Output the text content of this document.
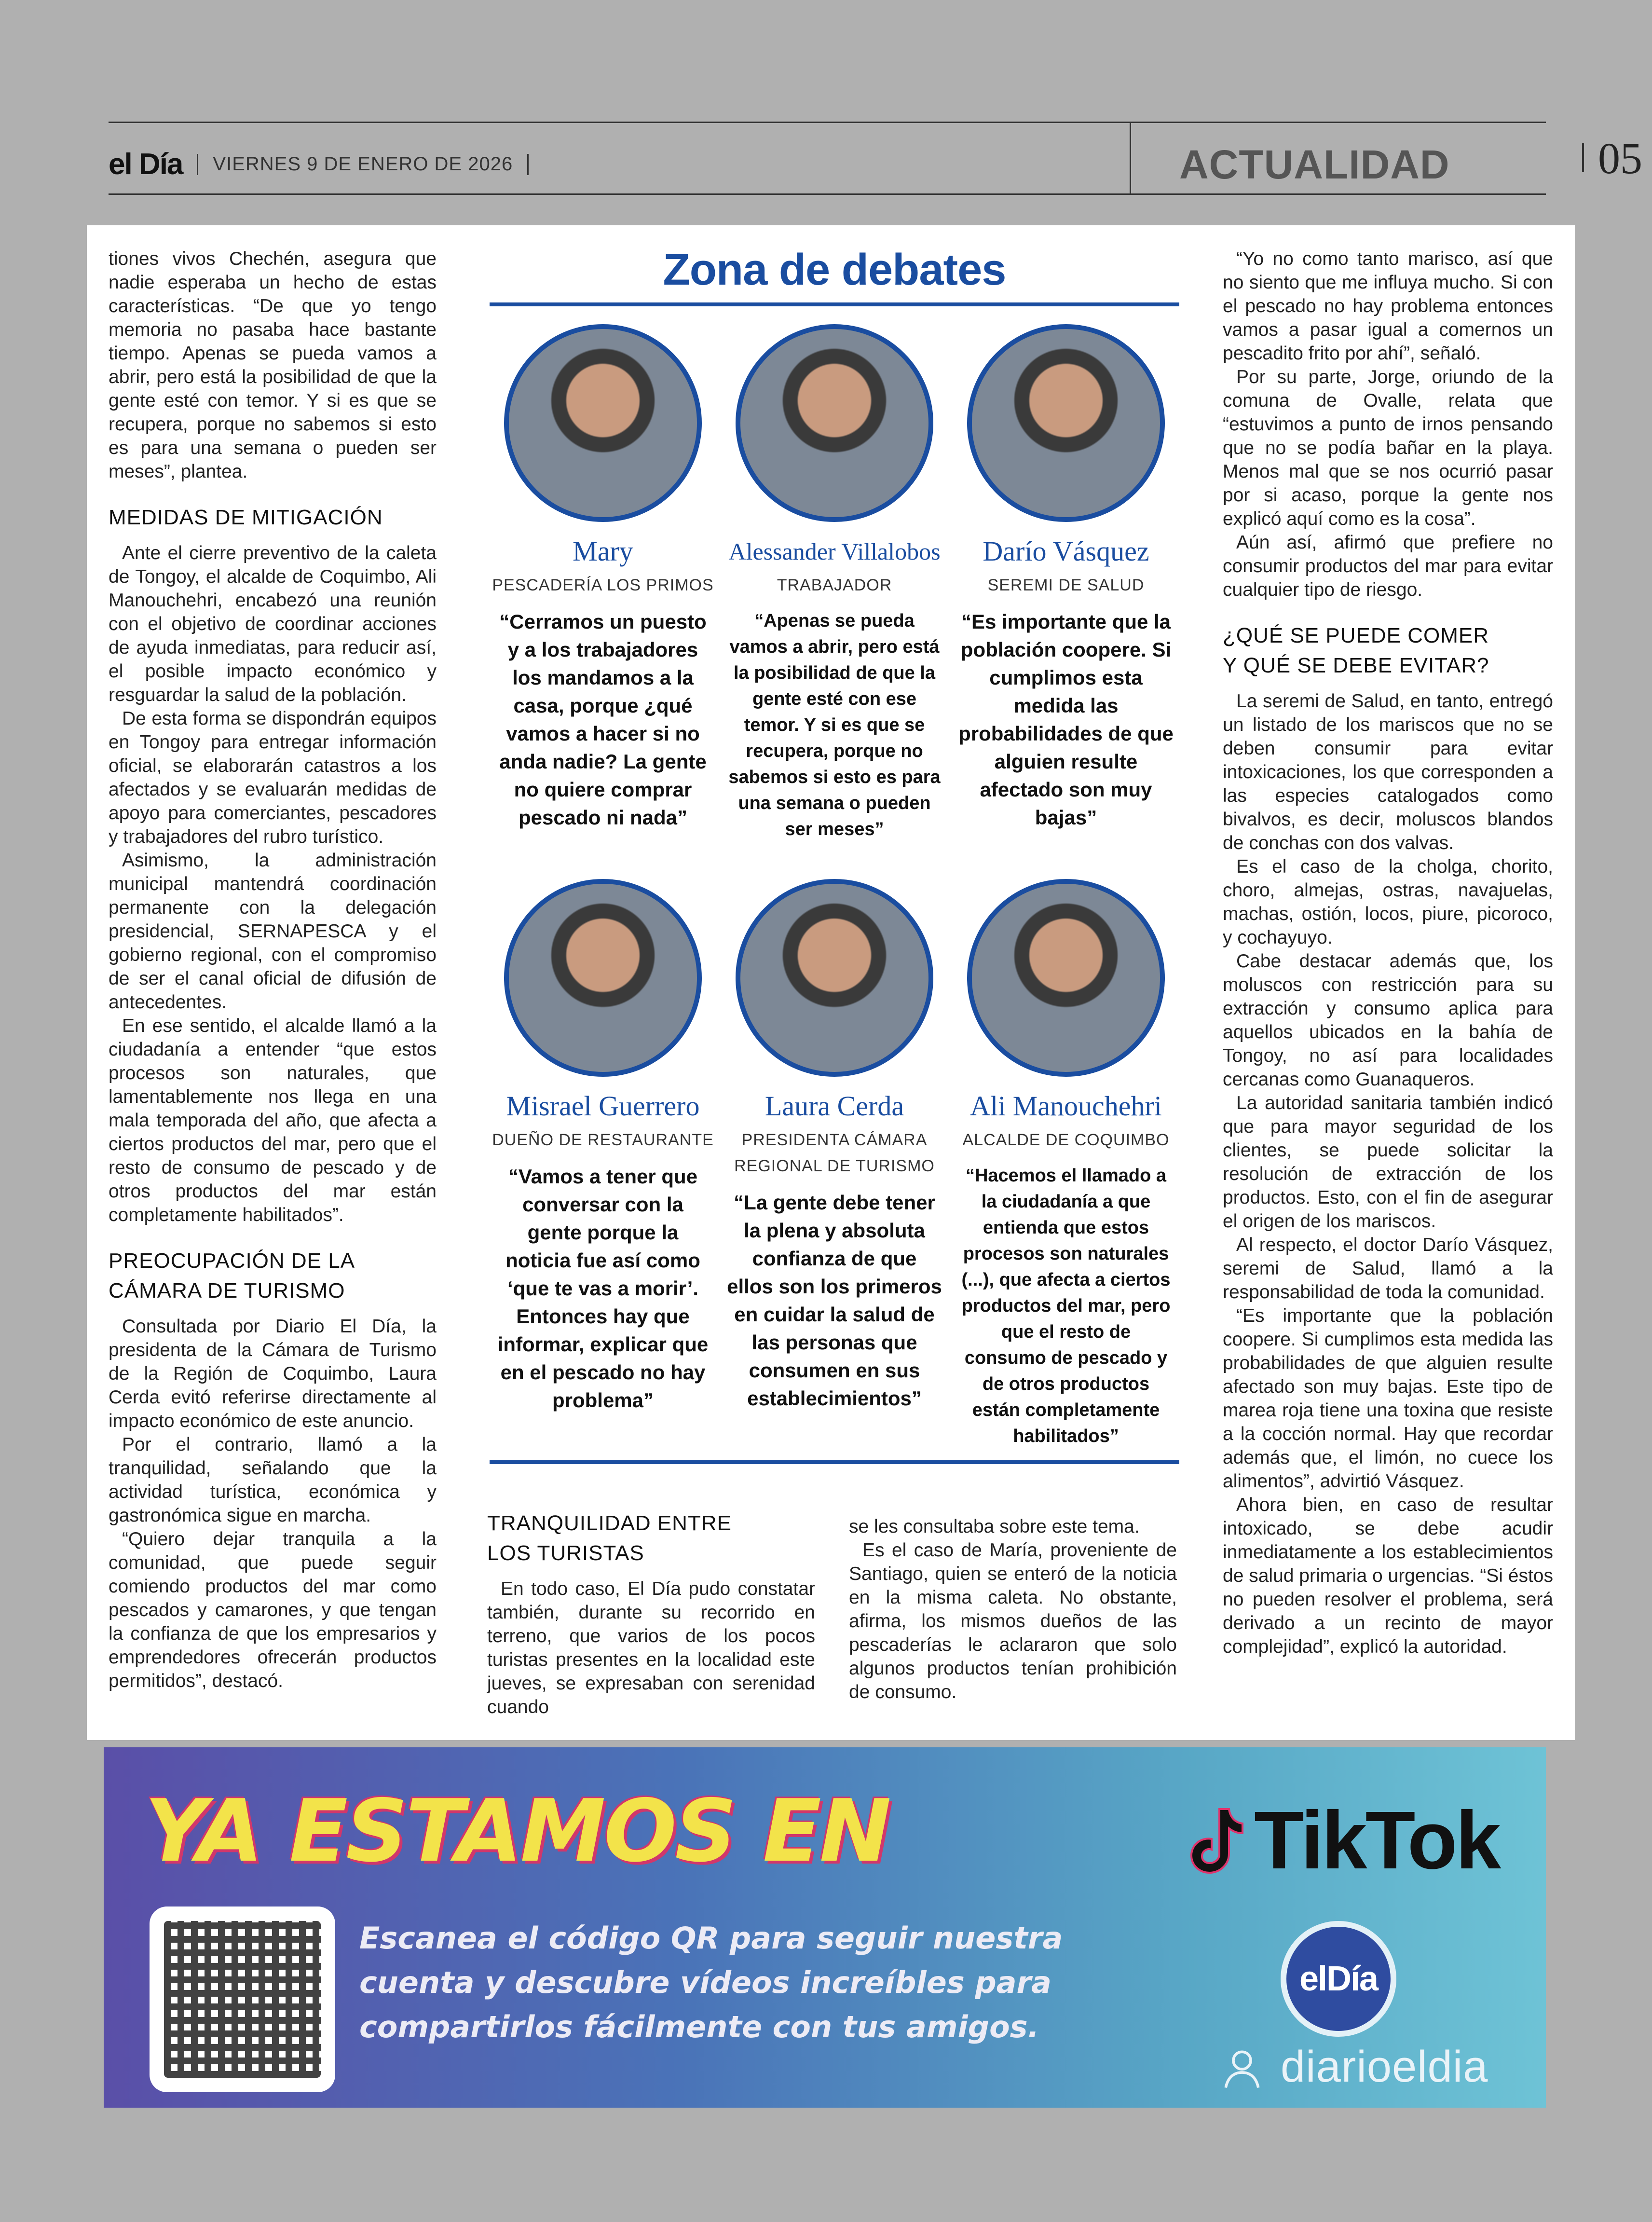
el Día VIERNES 9 DE ENERO DE 2026	ACTUALIDAD	05

tiones vivos Chechén, asegura que nadie esperaba un hecho de estas características. “De que yo tengo memoria no pasaba hace bastante tiempo. Apenas se pueda vamos a abrir, pero está la posibilidad de que la gente esté con temor. Y si es que se recupera, porque no sabemos si esto es para una semana o pueden ser meses”, plantea.

MEDIDAS DE MITIGACIÓN

Ante el cierre preventivo de la caleta de Tongoy, el alcalde de Coquimbo, Ali Manouchehri, encabezó una reunión con el objetivo de coordinar acciones de ayuda inmediatas, para reducir así, el posible impacto económico y resguardar la salud de la población.

De esta forma se dispondrán equipos en Tongoy para entregar información oficial, se elaborarán catastros a los afectados y se evaluarán medidas de apoyo para comerciantes, pescadores y trabajadores del rubro turístico.

Asimismo, la administración municipal mantendrá coordinación permanente con la delegación presidencial, SERNAPESCA y el gobierno regional, con el compromiso de ser el canal oficial de difusión de antecedentes.

En ese sentido, el alcalde llamó a la ciudadanía a entender “que estos procesos son naturales, que lamentablemente nos llega en una mala temporada del año, que afecta a ciertos productos del mar, pero que el resto de consumo de pescado y de otros productos del mar están completamente habilitados”.

PREOCUPACIÓN DE LA
CÁMARA DE TURISMO

Consultada por Diario El Día, la presidenta de la Cámara de Turismo de la Región de Coquimbo, Laura Cerda evitó referirse directamente al impacto económico de este anuncio.

Por el contrario, llamó a la tranquilidad, señalando que la actividad turística, económica y gastronómica sigue en marcha.

“Quiero dejar tranquila a la comunidad, que puede seguir comiendo productos del mar como pescados y camarones, y que tengan la confianza de que los empresarios y emprendedores ofrecerán productos permitidos”, destacó.

Zona de debates
Mary
PESCADERÍA LOS PRIMOS
“Cerramos un puesto y a los trabajadores los mandamos a la casa, porque ¿qué vamos a hacer si no anda nadie? La gente no quiere comprar pescado ni nada”
Alessander Villalobos
TRABAJADOR
“Apenas se pueda vamos a abrir, pero está la posibilidad de que la gente esté con ese temor. Y si es que se recupera, porque no sabemos si esto es para una semana o pueden ser meses”
Darío Vásquez
SEREMI DE SALUD
“Es importante que la población coopere. Si cumplimos esta medida las probabilidades de que alguien resulte afectado son muy bajas”
Misrael Guerrero
DUEÑO DE RESTAURANTE
“Vamos a tener que conversar con la gente porque la noticia fue así como ‘que te vas a morir’. Entonces hay que informar, explicar que en el pescado no hay problema”
Laura Cerda
PRESIDENTA CÁMARA REGIONAL DE TURISMO
“La gente debe tener la plena y absoluta confianza de que ellos son los primeros en cuidar la salud de las personas que consumen en sus establecimientos”
Ali Manouchehri
ALCALDE DE COQUIMBO
“Hacemos el llamado a la ciudadanía a que entienda que estos procesos son naturales (...), que afecta a ciertos productos del mar, pero que el resto de consumo de pescado y de otros productos están completamente habilitados”
TRANQUILIDAD ENTRE
LOS TURISTAS

En todo caso, El Día pudo constatar también, durante su recorrido en terreno, que varios de los pocos turistas presentes en la localidad este jueves, se expresaban con serenidad cuando

se les consultaba sobre este tema.

Es el caso de María, proveniente de Santiago, quien se enteró de la noticia en la misma caleta. No obstante, afirma, los mismos dueños de las pescaderías le aclararon que solo algunos productos tenían prohibición de consumo.

“Yo no como tanto marisco, así que no siento que me influya mucho. Si con el pescado no hay problema entonces vamos a pasar igual a comernos un pescadito frito por ahí”, señaló.

Por su parte, Jorge, oriundo de la comuna de Ovalle, relata que “estuvimos a punto de irnos pensando que no se podía bañar en la playa. Menos mal que se nos ocurrió pasar por si acaso, porque la gente nos explicó aquí como es la cosa”.

Aún así, afirmó que prefiere no consumir productos del mar para evitar cualquier tipo de riesgo.

¿QUÉ SE PUEDE COMER
Y QUÉ SE DEBE EVITAR?

La seremi de Salud, en tanto, entregó un listado de los mariscos que no se deben consumir para evitar intoxicaciones, los que corresponden a las especies catalogados como bivalvos, es decir, moluscos blandos de conchas con dos valvas.

Es el caso de la cholga, chorito, choro, almejas, ostras, navajuelas, machas, ostión, locos, piure, picoroco, y cochayuyo.

Cabe destacar además que, los moluscos con restricción para su extracción y consumo aplica para aquellos ubicados en la bahía de Tongoy, no así para localidades cercanas como Guanaqueros.

La autoridad sanitaria también indicó que para mayor seguridad de los clientes, se puede solicitar la resolución de extracción de los productos. Esto, con el fin de asegurar el origen de los mariscos.

Al respecto, el doctor Darío Vásquez, seremi de Salud, llamó a la responsabilidad de toda la comunidad.

“Es importante que la población coopere. Si cumplimos esta medida las probabilidades de que alguien resulte afectado son muy bajas. Este tipo de marea roja tiene una toxina que resiste a la cocción normal. Hay que recordar además que, el limón, no cuece los alimentos”, advirtió Vásquez.

Ahora bien, en caso de resultar intoxicado, se debe acudir inmediatamente a los establecimientos de salud primaria o urgencias. “Si éstos no pueden resolver el problema, será derivado a un recinto de mayor complejidad”, explicó la autoridad.

YA ESTAMOS EN	TikTok
Escanea el código QR para seguir nuestra cuenta y descubre vídeos increíbles para compartirlos fácilmente con tus amigos.
elDía
diarioeldia
